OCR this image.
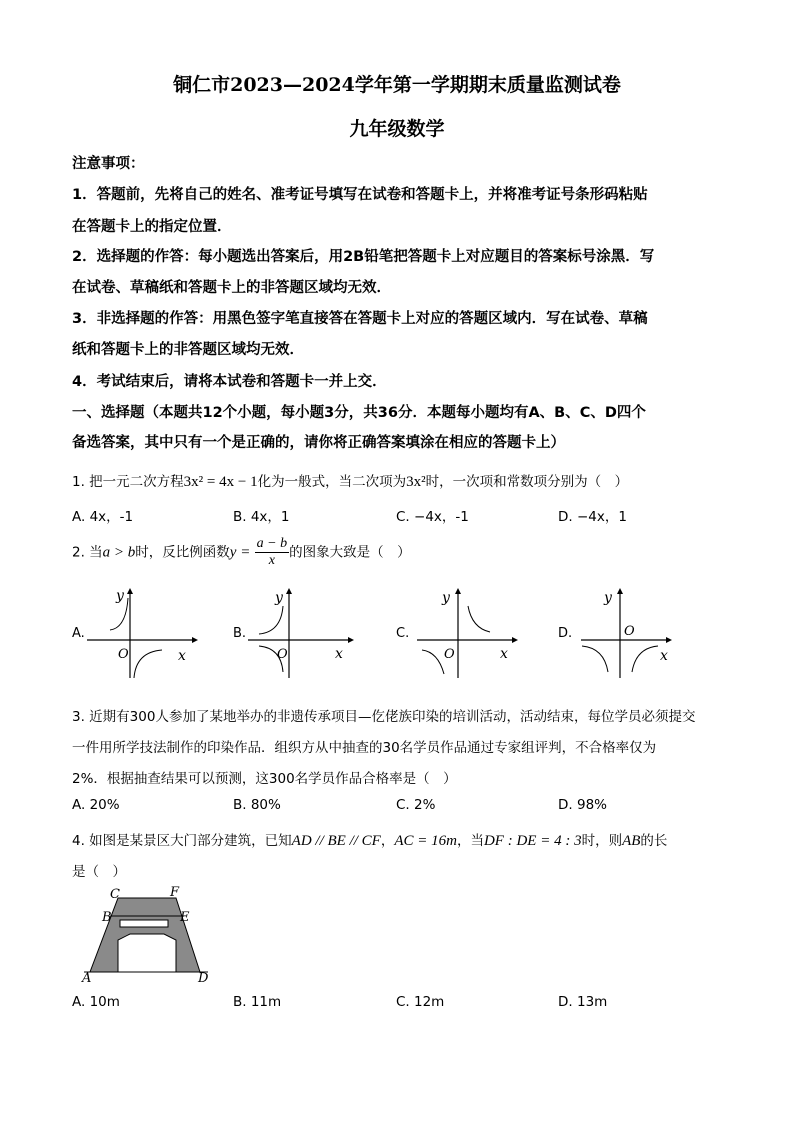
铜仁市2023—2024学年第一学期期末质量监测试卷
九年级数学
注意事项：
1．答题前，先将自己的姓名、准考证号填写在试卷和答题卡上，并将准考证号条形码粘贴
在答题卡上的指定位置．
2．选择题的作答：每小题选出答案后，用2B铅笔把答题卡上对应题目的答案标号涂黑．写
在试卷、草稿纸和答题卡上的非答题区域均无效．
3．非选择题的作答：用黑色签字笔直接答在答题卡上对应的答题区域内．写在试卷、草稿
纸和答题卡上的非答题区域均无效．
4．考试结束后，请将本试卷和答题卡一并上交．
一、选择题（本题共12个小题，每小题3分，共36分．本题每小题均有A、B、C、D四个
备选答案，其中只有一个是正确的，请你将正确答案填涂在相应的答题卡上）
1. 把一元二次方程3x² = 4x − 1化为一般式，当二次项为3x²时，一次项和常数项分别为（　）
A. 4x，-1	B. 4x，1	C. −4x，-1	D. −4x，1
2. 当a > b时，反比例函数$y = \frac{a - b}{x}$ 的图象大致是（　）
A.
y
x
O
B.
y
x
O
C.
y
x
O
D.
y
x
O
3. 近期有300人参加了某地举办的非遗传承项目—仡佬族印染的培训活动，活动结束，每位学员必须提交
一件用所学技法制作的印染作品．组织方从中抽查的30名学员作品通过专家组评判，不合格率仅为
2%．根据抽查结果可以预测，这300名学员作品合格率是（　）
A. 20%	B. 80%	C. 2%	D. 98%
4. 如图是某景区大门部分建筑，已知AD // BE // CF，AC = 16m，当DF : DE = 4 : 3时，则AB的长
是（　）
C	F
B	E
A	D
A. 10m	B. 11m	C. 12m	D. 13m
